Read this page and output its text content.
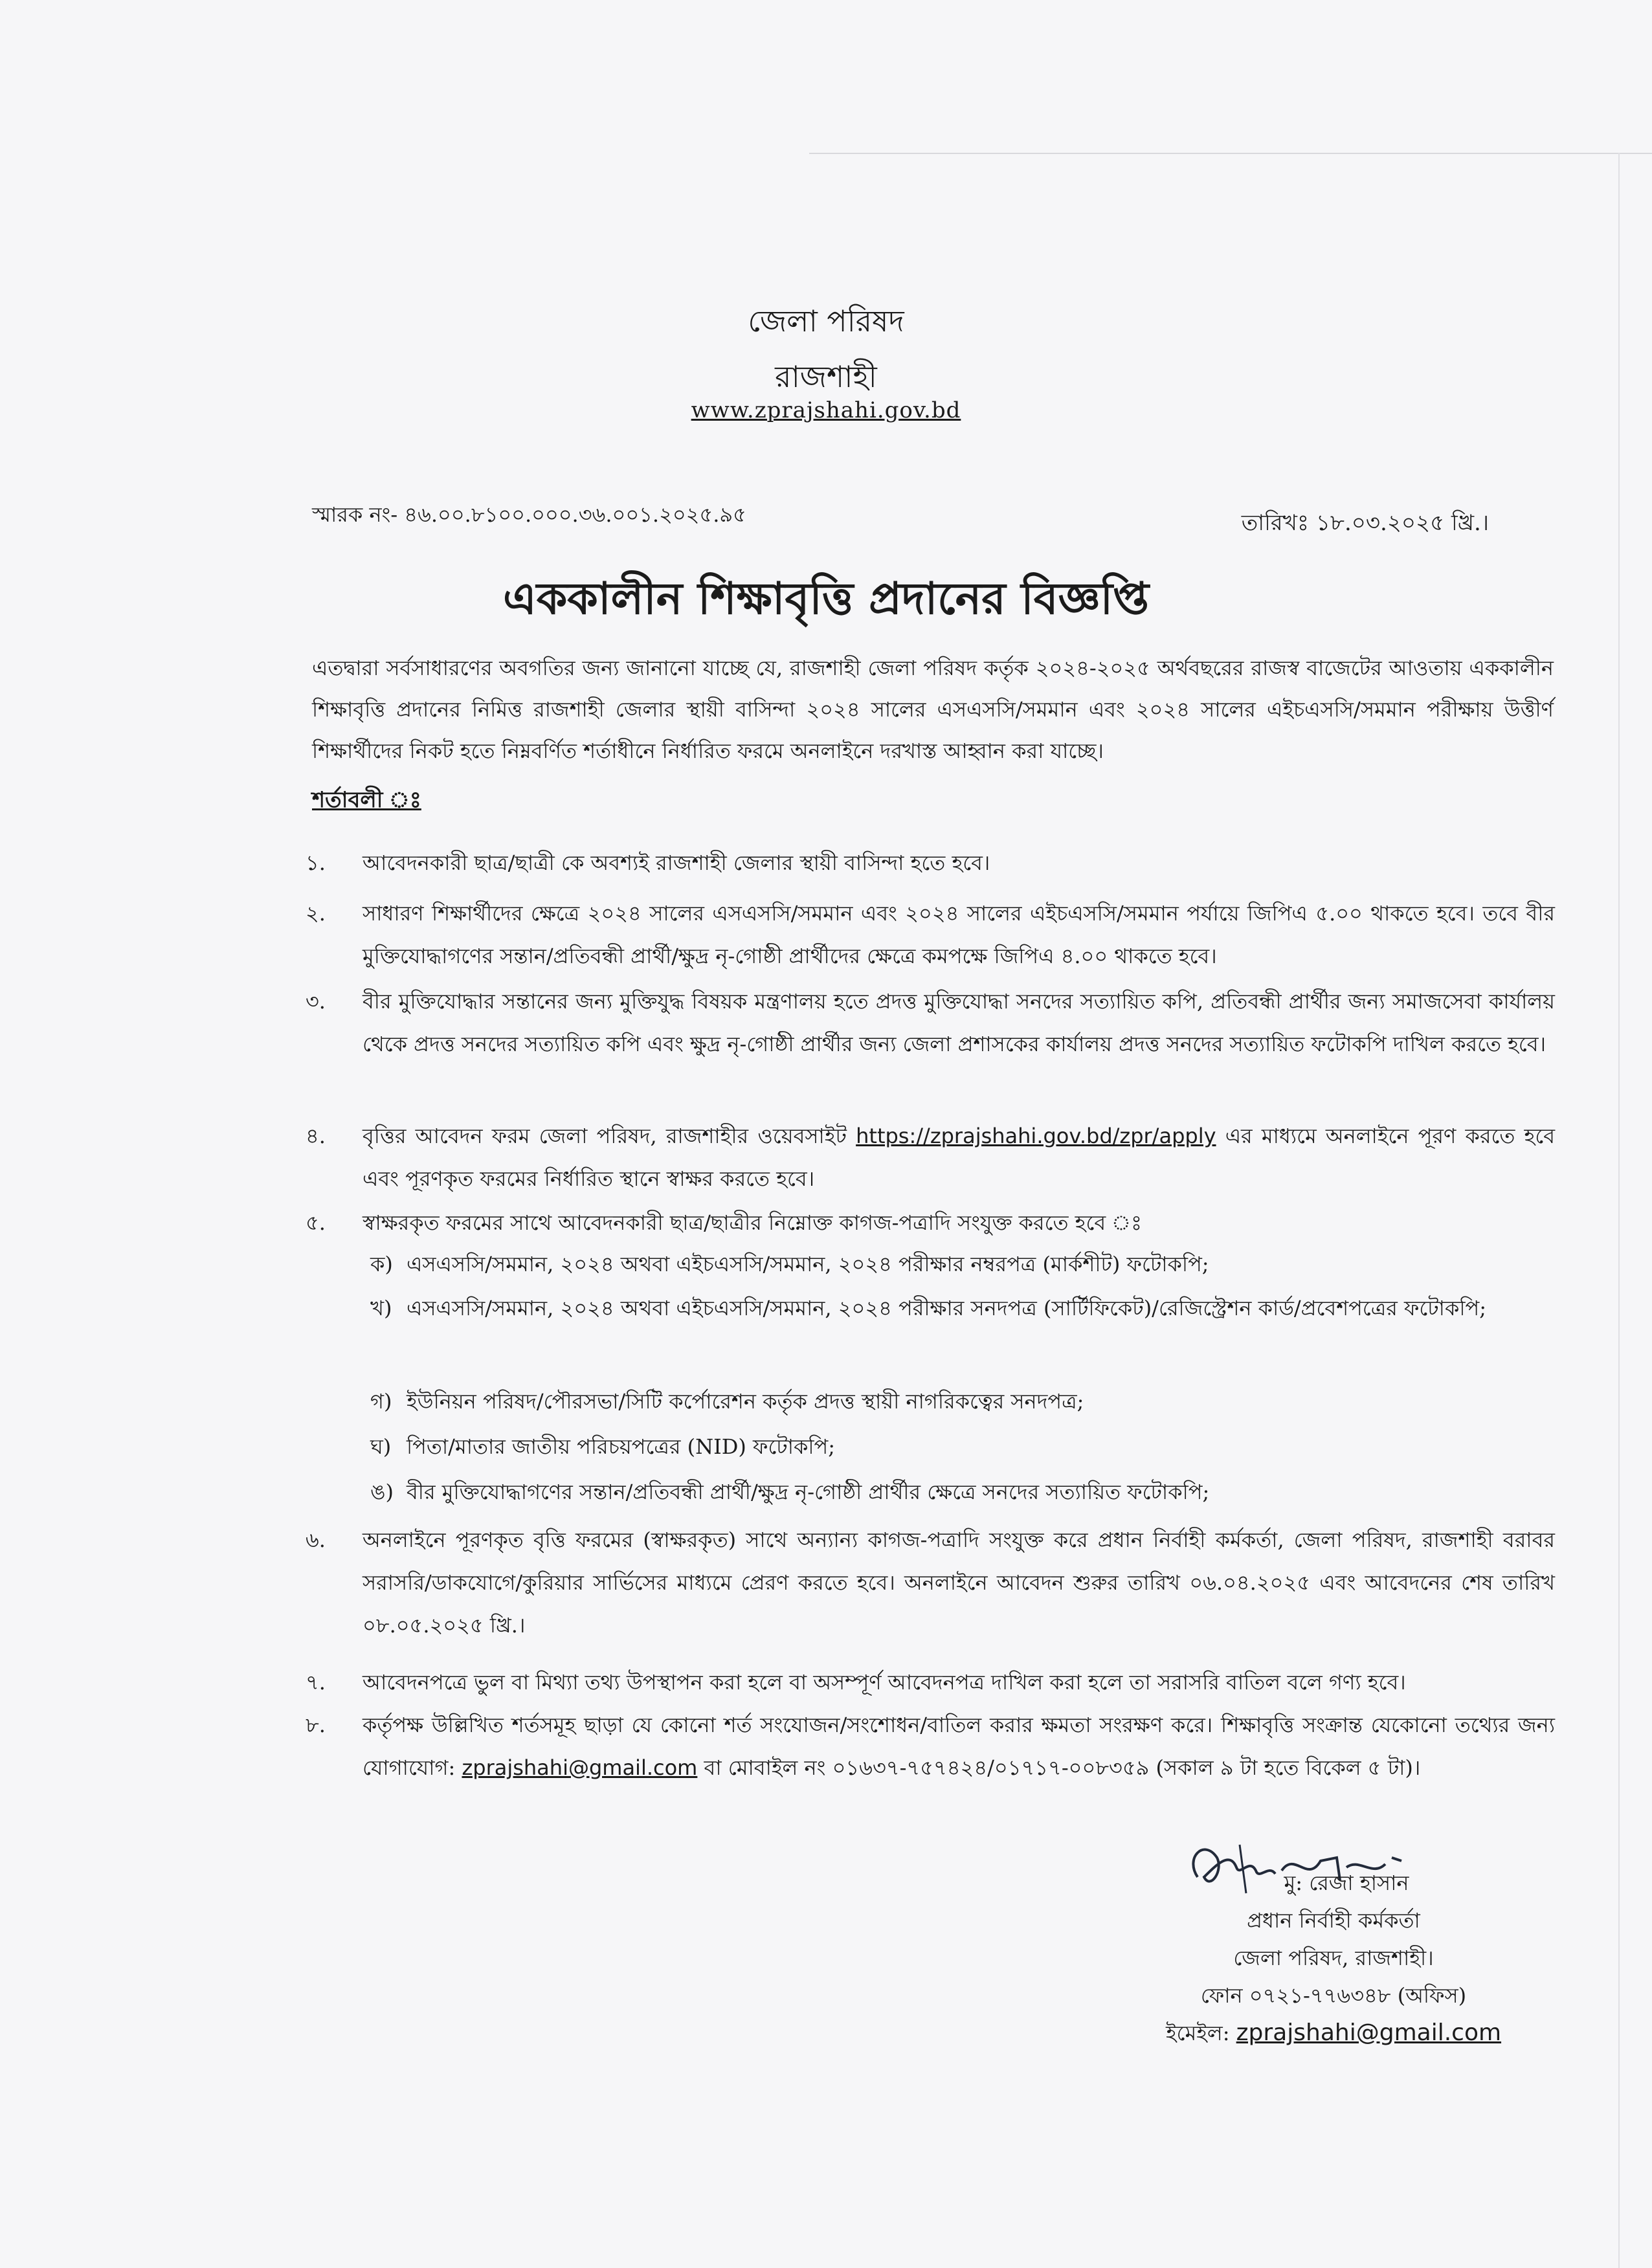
জেলা পরিষদ
রাজশাহী
www.zprajshahi.gov.bd
স্মারক নং- ৪৬.০০.৮১০০.০০০.৩৬.০০১.২০২৫.৯৫	তারিখঃ ১৮.০৩.২০২৫ খ্রি.।
এককালীন শিক্ষাবৃত্তি প্রদানের বিজ্ঞপ্তি
এতদ্বারা সর্বসাধারণের অবগতির জন্য জানানো যাচ্ছে যে, রাজশাহী জেলা পরিষদ কর্তৃক ২০২৪-২০২৫ অর্থবছরের রাজস্ব বাজেটের আওতায় এককালীন শিক্ষাবৃত্তি প্রদানের নিমিত্ত রাজশাহী জেলার স্থায়ী বাসিন্দা ২০২৪ সালের এসএসসি/সমমান এবং ২০২৪ সালের এইচএসসি/সমমান পরীক্ষায় উত্তীর্ণ শিক্ষার্থীদের নিকট হতে নিম্নবর্ণিত শর্তাধীনে নির্ধারিত ফরমে অনলাইনে দরখাস্ত আহ্বান করা যাচ্ছে।
শর্তাবলী ঃ
১.	আবেদনকারী ছাত্র/ছাত্রী কে অবশ্যই রাজশাহী জেলার স্থায়ী বাসিন্দা হতে হবে।
২.	সাধারণ শিক্ষার্থীদের ক্ষেত্রে ২০২৪ সালের এসএসসি/সমমান এবং ২০২৪ সালের এইচএসসি/সমমান পর্যায়ে জিপিএ ৫.০০ থাকতে হবে। তবে বীর মুক্তিযোদ্ধাগণের সন্তান/প্রতিবন্ধী প্রার্থী/ক্ষুদ্র নৃ-গোষ্ঠী প্রার্থীদের ক্ষেত্রে কমপক্ষে জিপিএ ৪.০০ থাকতে হবে।
৩.	বীর মুক্তিযোদ্ধার সন্তানের জন্য মুক্তিযুদ্ধ বিষয়ক মন্ত্রণালয় হতে প্রদত্ত মুক্তিযোদ্ধা সনদের সত্যায়িত কপি, প্রতিবন্ধী প্রার্থীর জন্য সমাজসেবা কার্যালয় থেকে প্রদত্ত সনদের সত্যায়িত কপি এবং ক্ষুদ্র নৃ-গোষ্ঠী প্রার্থীর জন্য জেলা প্রশাসকের কার্যালয় প্রদত্ত সনদের সত্যায়িত ফটোকপি দাখিল করতে হবে।
৪.	বৃত্তির আবেদন ফরম জেলা পরিষদ, রাজশাহীর ওয়েবসাইট https://zprajshahi.gov.bd/zpr/apply এর মাধ্যমে অনলাইনে পূরণ করতে হবে এবং পূরণকৃত ফরমের নির্ধারিত স্থানে স্বাক্ষর করতে হবে।
৫.	স্বাক্ষরকৃত ফরমের সাথে আবেদনকারী ছাত্র/ছাত্রীর নিম্নোক্ত কাগজ-পত্রাদি সংযুক্ত করতে হবে ঃ
ক) এসএসসি/সমমান, ২০২৪ অথবা এইচএসসি/সমমান, ২০২৪ পরীক্ষার নম্বরপত্র (মার্কশীট) ফটোকপি;
খ) এসএসসি/সমমান, ২০২৪ অথবা এইচএসসি/সমমান, ২০২৪ পরীক্ষার সনদপত্র (সার্টিফিকেট)/রেজিস্ট্রেশন কার্ড/প্রবেশপত্রের ফটোকপি;
গ) ইউনিয়ন পরিষদ/পৌরসভা/সিটি কর্পোরেশন কর্তৃক প্রদত্ত স্থায়ী নাগরিকত্বের সনদপত্র;
ঘ) পিতা/মাতার জাতীয় পরিচয়পত্রের (NID) ফটোকপি;
ঙ) বীর মুক্তিযোদ্ধাগণের সন্তান/প্রতিবন্ধী প্রার্থী/ক্ষুদ্র নৃ-গোষ্ঠী প্রার্থীর ক্ষেত্রে সনদের সত্যায়িত ফটোকপি;
৬.	অনলাইনে পূরণকৃত বৃত্তি ফরমের (স্বাক্ষরকৃত) সাথে অন্যান্য কাগজ-পত্রাদি সংযুক্ত করে প্রধান নির্বাহী কর্মকর্তা, জেলা পরিষদ, রাজশাহী বরাবর সরাসরি/ডাকযোগে/কুরিয়ার সার্ভিসের মাধ্যমে প্রেরণ করতে হবে। অনলাইনে আবেদন শুরুর তারিখ ০৬.০৪.২০২৫ এবং আবেদনের শেষ তারিখ ০৮.০৫.২০২৫ খ্রি.।
৭.	আবেদনপত্রে ভুল বা মিথ্যা তথ্য উপস্থাপন করা হলে বা অসম্পূর্ণ আবেদনপত্র দাখিল করা হলে তা সরাসরি বাতিল বলে গণ্য হবে।
৮.	কর্তৃপক্ষ উল্লিখিত শর্তসমূহ ছাড়া যে কোনো শর্ত সংযোজন/সংশোধন/বাতিল করার ক্ষমতা সংরক্ষণ করে। শিক্ষাবৃত্তি সংক্রান্ত যেকোনো তথ্যের জন্য যোগাযোগ: zprajshahi@gmail.com বা মোবাইল নং ০১৬৩৭-৭৫৭৪২৪/০১৭১৭-০০৮৩৫৯ (সকাল ৯ টা হতে বিকেল ৫ টা)।
মু: রেজা হাসান
প্রধান নির্বাহী কর্মকর্তা
জেলা পরিষদ, রাজশাহী।
ফোন ০৭২১-৭৭৬৩৪৮ (অফিস)
ইমেইল: zprajshahi@gmail.com
